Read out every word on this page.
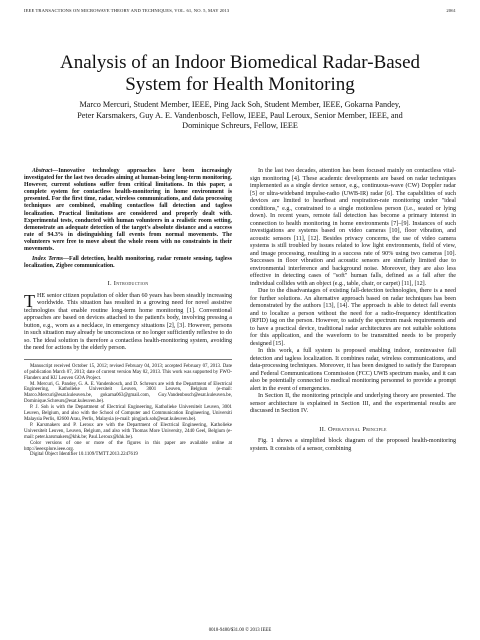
IEEE TRANSACTIONS ON MICROWAVE THEORY AND TECHNIQUES, VOL. 61, NO. 5, MAY 2013	2061
Analysis of an Indoor Biomedical Radar-Based System for Health Monitoring
Marco Mercuri, Student Member, IEEE, Ping Jack Soh, Student Member, IEEE, Gokarna Pandey,
Peter Karsmakers, Guy A. E. Vandenbosch, Fellow, IEEE, Paul Leroux, Senior Member, IEEE, and
Dominique Schreurs, Fellow, IEEE

Abstract—Innovative technology approaches have been increasingly investigated for the last two decades aiming at human-being long-term monitoring. However, current solutions suffer from critical limitations. In this paper, a complete system for contactless health-monitoring in home environment is presented. For the first time, radar, wireless communications, and data processing techniques are combined, enabling contactless fall detection and tagless localization. Practical limitations are considered and properly dealt with. Experimental tests, conducted with human volunteers in a realistic room setting, demonstrate an adequate detection of the target's absolute distance and a success rate of 94.3% in distinguishing fall events from normal movements. The volunteers were free to move about the whole room with no constraints in their movements.

Index Terms—Fall detection, health monitoring, radar remote sensing, tagless localization, Zigbee communication.

I. Introduction

THE senior citizen population of older than 60 years has been steadily increasing worldwide. This situation has resulted in a growing need for novel assistive technologies that enable routine long-term home monitoring [1]. Conventional approaches are based on devices attached to the patient's body, involving pressing a button, e.g., worn as a necklace, in emergency situations [2], [3]. However, persons in such situation may already be unconscious or no longer sufficiently reflexive to do so. The ideal solution is therefore a contactless health-monitoring system, avoiding the need for actions by the elderly person.

Manuscript received October 15, 2012; revised February 04, 2013; accepted February 07, 2013. Date of publication March 07, 2013; date of current version May 02, 2013. This work was supported by FWO-Flanders and KU Leuven GOA Project.

M. Mercuri, G. Pandey, G. A. E. Vandenbosch, and D. Schreurs are with the Department of Electrical Engineering, Katholieke Universiteit Leuven, 3001 Leuven, Belgium (e-mail: Marco.Mercuri@esat.kuleuven.be, gokarna063@gmail.com, Guy.Vandenbosch@esat.kuleuven.be, Dominique.Schreurs@esat.kuleuven.be).

P. J. Soh is with the Department of Electrical Engineering, Katholieke Universiteit Leuven, 3001 Leuven, Belgium, and also with the School of Computer and Communication Engineering, Universiti Malaysia Perlis, 02600 Arau, Perlis, Malaysia (e-mail: pingjack.soh@esat.kuleuven.be).

P. Karsmakers and P. Leroux are with the Department of Electrical Engineering, Katholieke Universiteit Leuven, Leuven, Belgium, and also with Thomas More University, 2440 Geel, Belgium (e-mail: peter.karsmakers@khk.be; Paul.Leroux@khk.be).

Color versions of one or more of the figures in this paper are available online at http://ieeexplore.ieee.org.

Digital Object Identifier 10.1109/TMTT.2013.2247619

In the last two decades, attention has been focused mainly on contactless vital-sign monitoring [4]. These academic developments are based on radar techniques implemented as a single device sensor, e.g., continuous-wave (CW) Doppler radar [5] or ultra-wideband impulse-radio (UWB-IR) radar [6]. The capabilities of such devices are limited to heartbeat and respiration-rate monitoring under "ideal conditions," e.g., constrained to a single motionless person (i.e., seated or lying down). In recent years, remote fall detection has become a primary interest in connection to health monitoring in home environments [7]–[9]. Instances of such investigations are systems based on video cameras [10], floor vibration, and acoustic sensors [11], [12]. Besides privacy concerns, the use of video camera systems is still troubled by issues related to low light environments, field of view, and image processing, resulting in a success rate of 90% using two cameras [10]. Successes in floor vibration and acoustic sensors are similarly limited due to environmental interference and background noise. Moreover, they are also less effective in detecting cases of "soft" human falls, defined as a fall after the individual collides with an object (e.g., table, chair, or carpet) [11], [12].

Due to the disadvantages of existing fall-detection technologies, there is a need for further solutions. An alternative approach based on radar techniques has been demonstrated by the authors [13], [14]. The approach is able to detect fall events and to localize a person without the need for a radio-frequency identification (RFID) tag on the person. However, to satisfy the spectrum mask requirements and to have a practical device, traditional radar architectures are not suitable solutions for this application, and the waveform to be transmitted needs to be properly designed [15].

In this work, a full system is proposed enabling indoor, noninvasive fall detection and tagless localization. It combines radar, wireless communications, and data-processing techniques. Moreover, it has been designed to satisfy the European and Federal Communications Commission (FCC) UWB spectrum masks, and it can also be potentially connected to medical monitoring personnel to provide a prompt alert in the event of emergencies.

In Section II, the monitoring principle and underlying theory are presented. The sensor architecture is explained in Section III, and the experimental results are discussed in Section IV.

II. Operational Principle

Fig. 1 shows a simplified block diagram of the proposed health-monitoring system. It consists of a sensor, combining

0018-9480/$31.00 © 2013 IEEE
